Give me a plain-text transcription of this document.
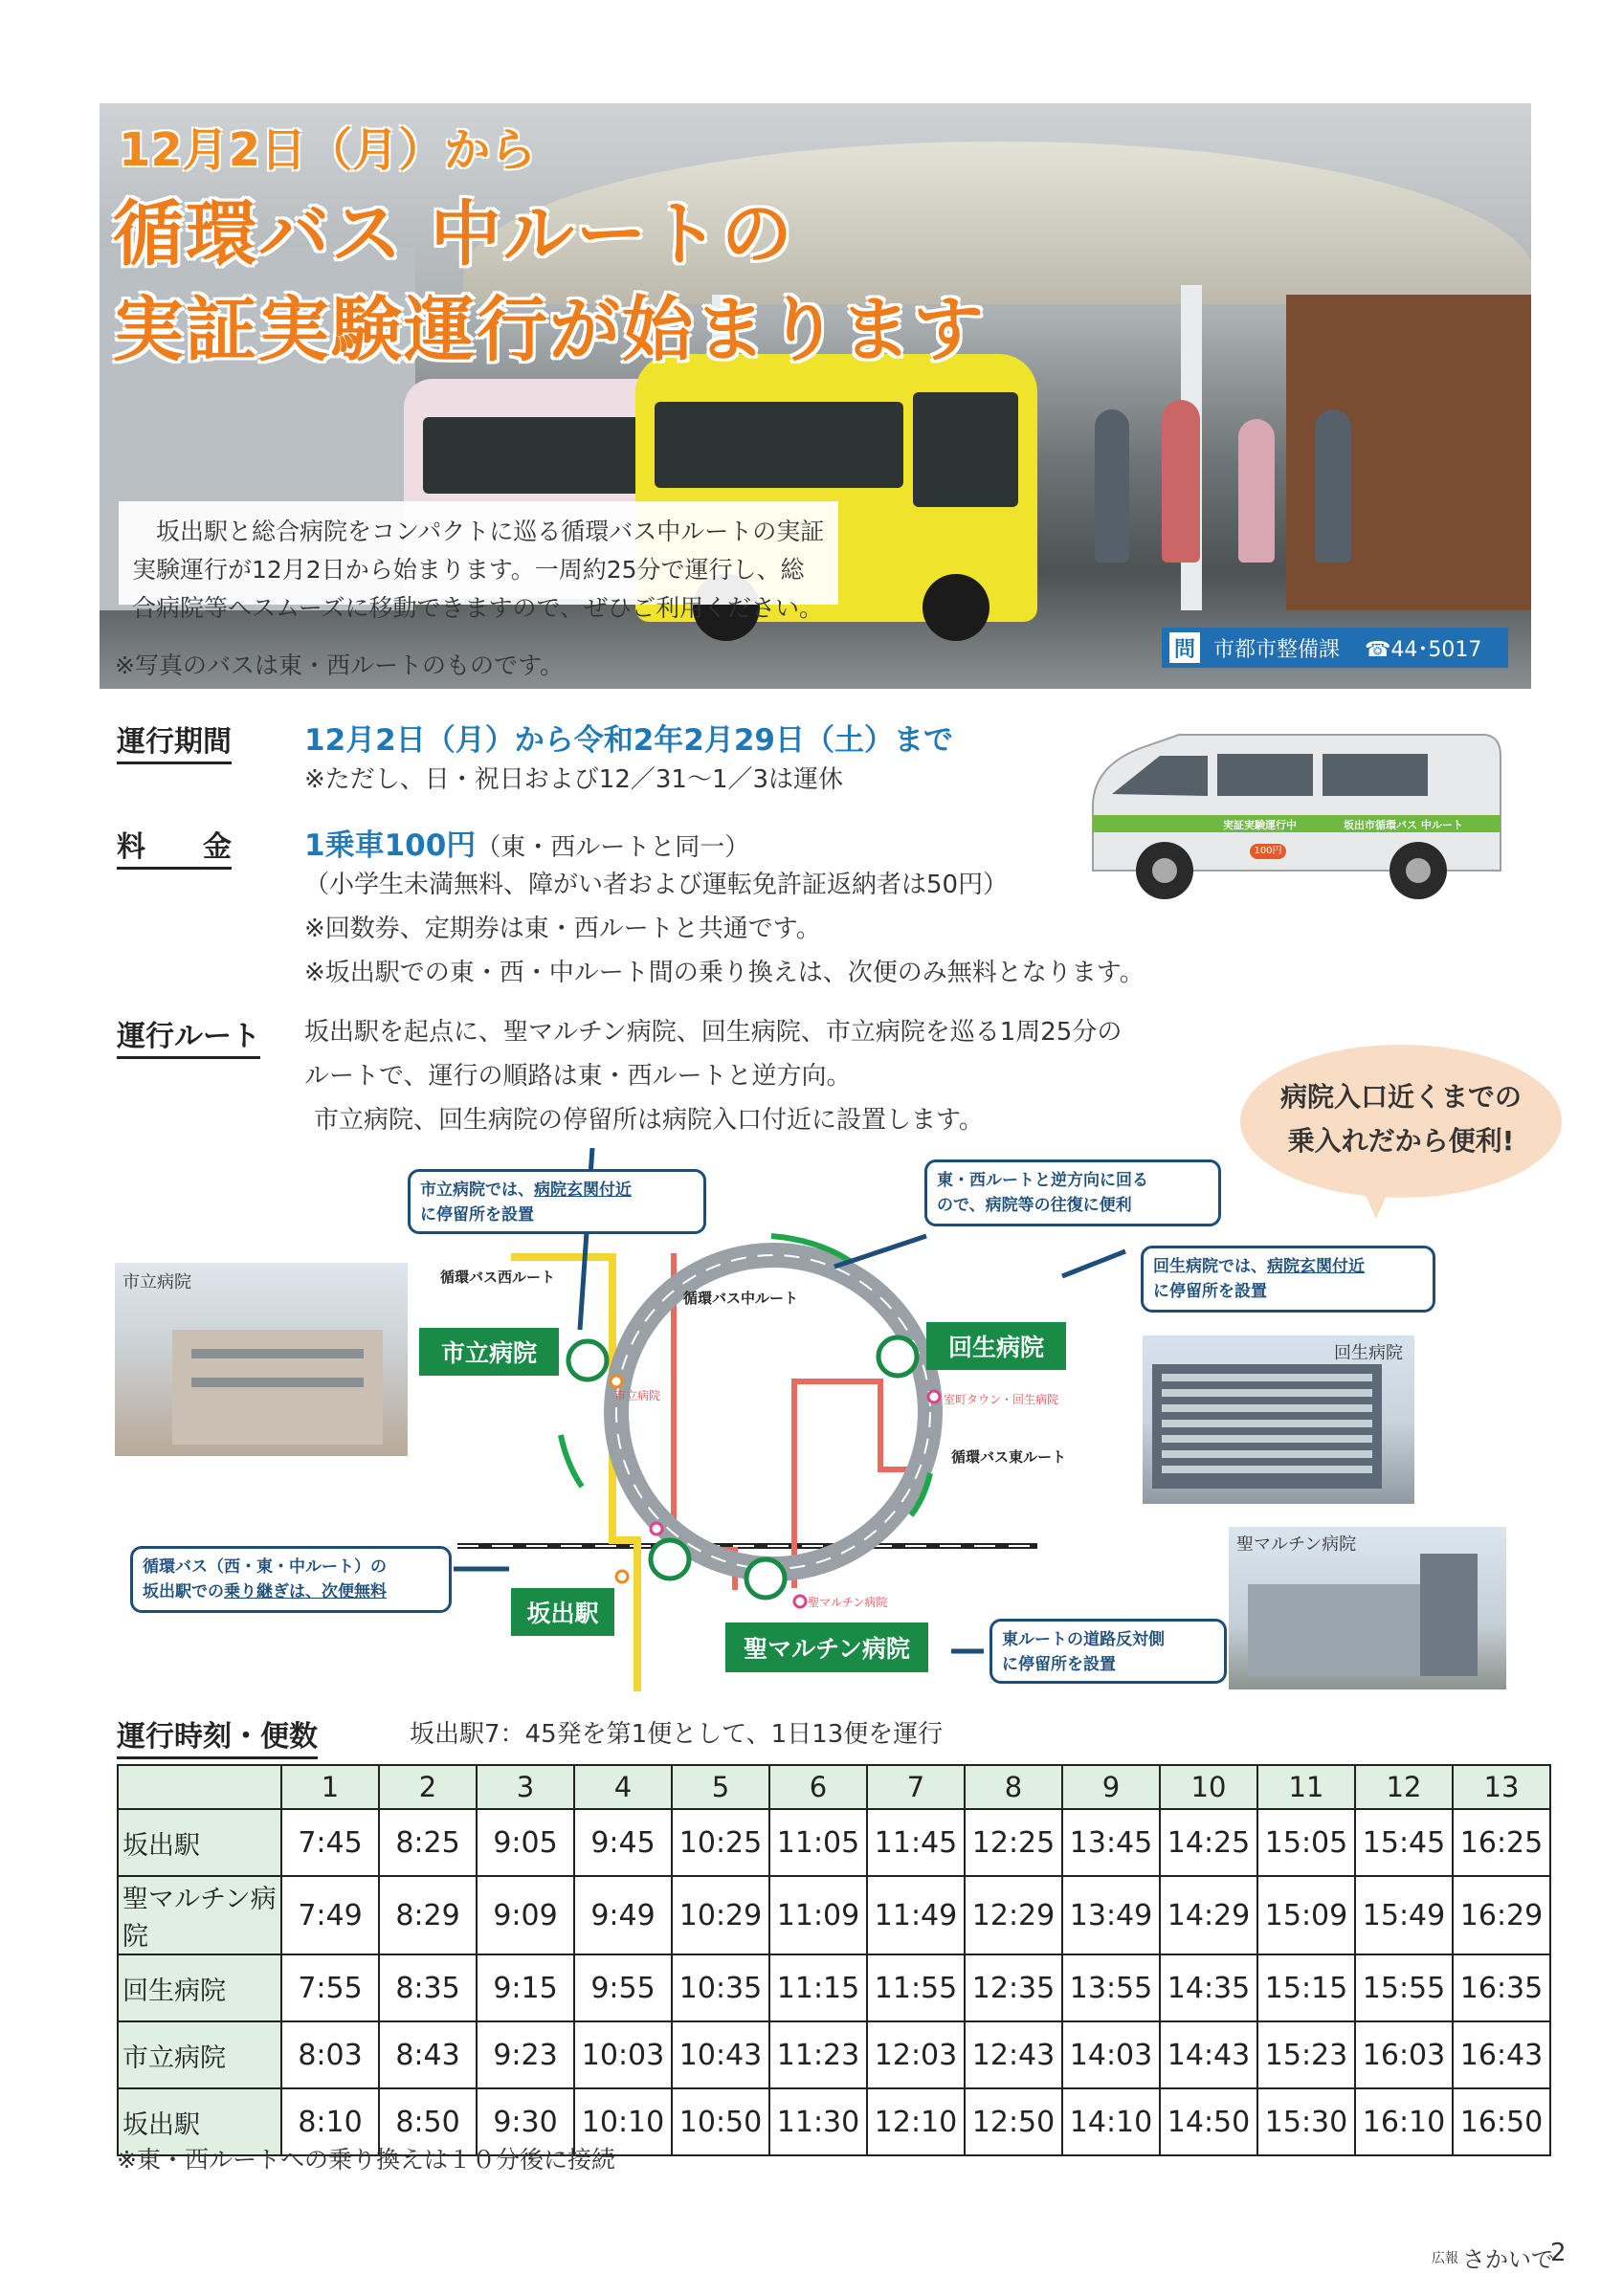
12月2日（月）から
循環バス 中ルートの
実証実験運行が始まります
　坂出駅と総合病院をコンパクトに巡る循環バス中ルートの実証実験運行が12月2日から始まります。一周約25分で運行し、総合病院等へスムーズに移動できますので、ぜひご利用ください。
※写真のバスは東・西ルートのものです。
問 市都市整備課 ☎44･5017
運行期間 12月2日（月）から令和2年2月29日（土）まで
※ただし、日・祝日および12／31〜1／3は運休
料　　金 1乗車100円（東・西ルートと同一）
（小学生未満無料、障がい者および運転免許証返納者は50円）
※回数券、定期券は東・西ルートと共通です。
※坂出駅での東・西・中ルート間の乗り換えは、次便のみ無料となります。
坂出市循環バス 中ルート
実証実験運行中
100円
運行ルート 坂出駅を起点に、聖マルチン病院、回生病院、市立病院を巡る1周25分の
ルートで、運行の順路は東・西ルートと逆方向。
市立病院、回生病院の停留所は病院入口付近に設置します。
病院入口近くまでの
乗入れだから便利!
市立病院では、病院玄関付近
に停留所を設置
東・西ルートと逆方向に回る
ので、病院等の往復に便利
回生病院では、病院玄関付近
に停留所を設置
循環バス（西・東・中ルート）の
坂出駅での乗り継ぎは、次便無料
東ルートの道路反対側
に停留所を設置
循環バス西ルート
循環バス中ルート
循環バス東ルート
市立病院	室町タウン・回生病院
聖マルチン病院
市立病院	回生病院
坂出駅
聖マルチン病院
市立病院
回生病院
聖マルチン病院
運行時刻・便数	坂出駅7：45発を第1便として、1日13便を運行
	1	2	3	4	5	6	7	8	9	10	11	12	13
坂出駅	7:45	8:25	9:05	9:45	10:25	11:05	11:45	12:25	13:45	14:25	15:05	15:45	16:25
聖マルチン病院	7:49	8:29	9:09	9:49	10:29	11:09	11:49	12:29	13:49	14:29	15:09	15:49	16:29
回生病院	7:55	8:35	9:15	9:55	10:35	11:15	11:55	12:35	13:55	14:35	15:15	15:55	16:35
市立病院	8:03	8:43	9:23	10:03	10:43	11:23	12:03	12:43	14:03	14:43	15:23	16:03	16:43
坂出駅	8:10	8:50	9:30	10:10	10:50	11:30	12:10	12:50	14:10	14:50	15:30	16:10	16:50
※東・西ルートへの乗り換えは１０分後に接続
広報 さかいで
2
